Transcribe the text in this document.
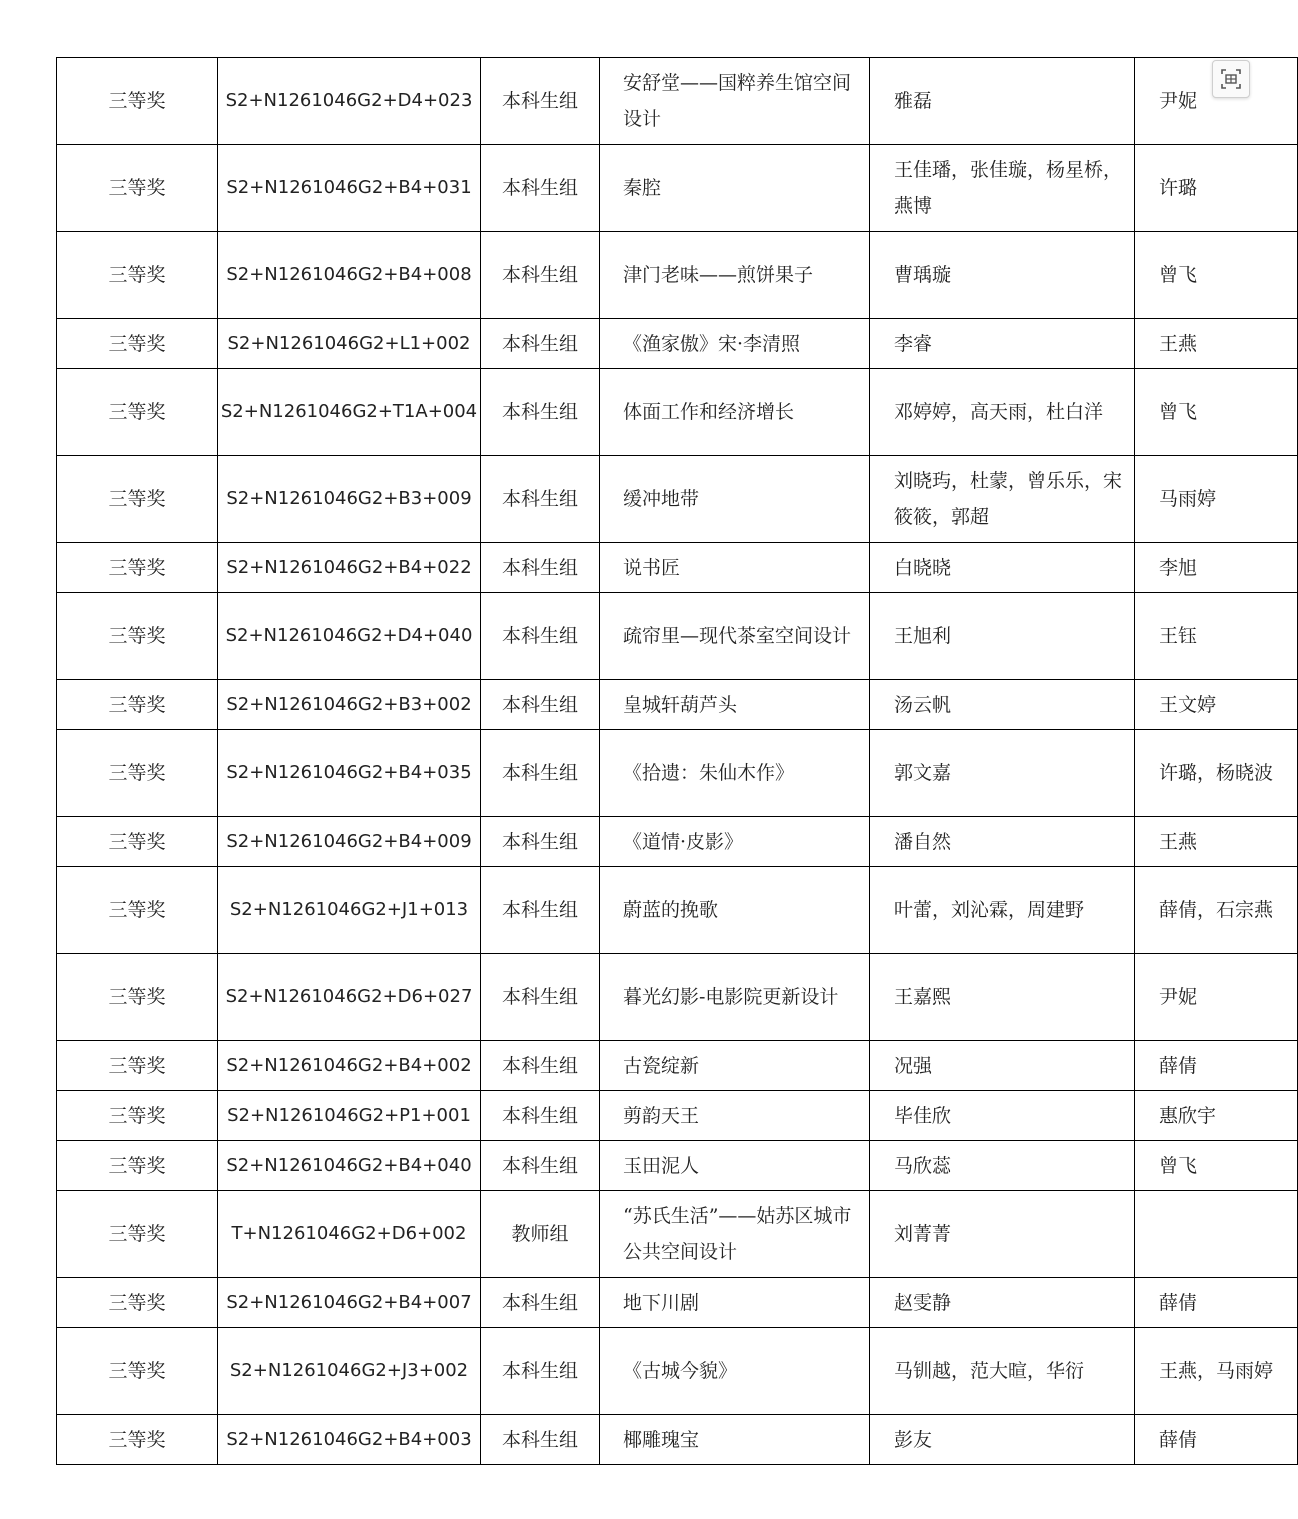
三等奖	S2+N1261046G2+D4+023	本科生组	安舒堂——国粹养生馆空间设计	雅磊	尹妮

三等奖	S2+N1261046G2+B4+031	本科生组	秦腔	王佳璠，张佳璇，杨星桥，燕博	许璐

三等奖	S2+N1261046G2+B4+008	本科生组	津门老味——煎饼果子	曹瑀璇	曾飞

三等奖	S2+N1261046G2+L1+002	本科生组	《渔家傲》宋·李清照	李睿	王燕

三等奖	S2+N1261046G2+T1A+004	本科生组	体面工作和经济增长	邓婷婷，高天雨，杜白洋	曾飞

三等奖	S2+N1261046G2+B3+009	本科生组	缓冲地带	刘晓玙，杜蒙，曾乐乐，宋筱筱，郭超	马雨婷

三等奖	S2+N1261046G2+B4+022	本科生组	说书匠	白晓晓	李旭

三等奖	S2+N1261046G2+D4+040	本科生组	疏帘里—现代茶室空间设计	王旭利	王钰

三等奖	S2+N1261046G2+B3+002	本科生组	皇城轩葫芦头	汤云帆	王文婷

三等奖	S2+N1261046G2+B4+035	本科生组	《拾遗：朱仙木作》	郭文嘉	许璐，杨晓波

三等奖	S2+N1261046G2+B4+009	本科生组	《道情·皮影》	潘自然	王燕

三等奖	S2+N1261046G2+J1+013	本科生组	蔚蓝的挽歌	叶蕾，刘沁霖，周建野	薛倩，石宗燕

三等奖	S2+N1261046G2+D6+027	本科生组	暮光幻影-电影院更新设计	王嘉熙	尹妮

三等奖	S2+N1261046G2+B4+002	本科生组	古瓷绽新	况强	薛倩

三等奖	S2+N1261046G2+P1+001	本科生组	剪韵天王	毕佳欣	惠欣宇

三等奖	S2+N1261046G2+B4+040	本科生组	玉田泥人	马欣蕊	曾飞

三等奖	T+N1261046G2+D6+002	教师组	“苏氏生活”——姑苏区城市公共空间设计	刘菁菁	

三等奖	S2+N1261046G2+B4+007	本科生组	地下川剧	赵雯静	薛倩

三等奖	S2+N1261046G2+J3+002	本科生组	《古城今貌》	马钏越，范大暄，华衍	王燕，马雨婷

三等奖	S2+N1261046G2+B4+003	本科生组	椰雕瑰宝	彭友	薛倩
